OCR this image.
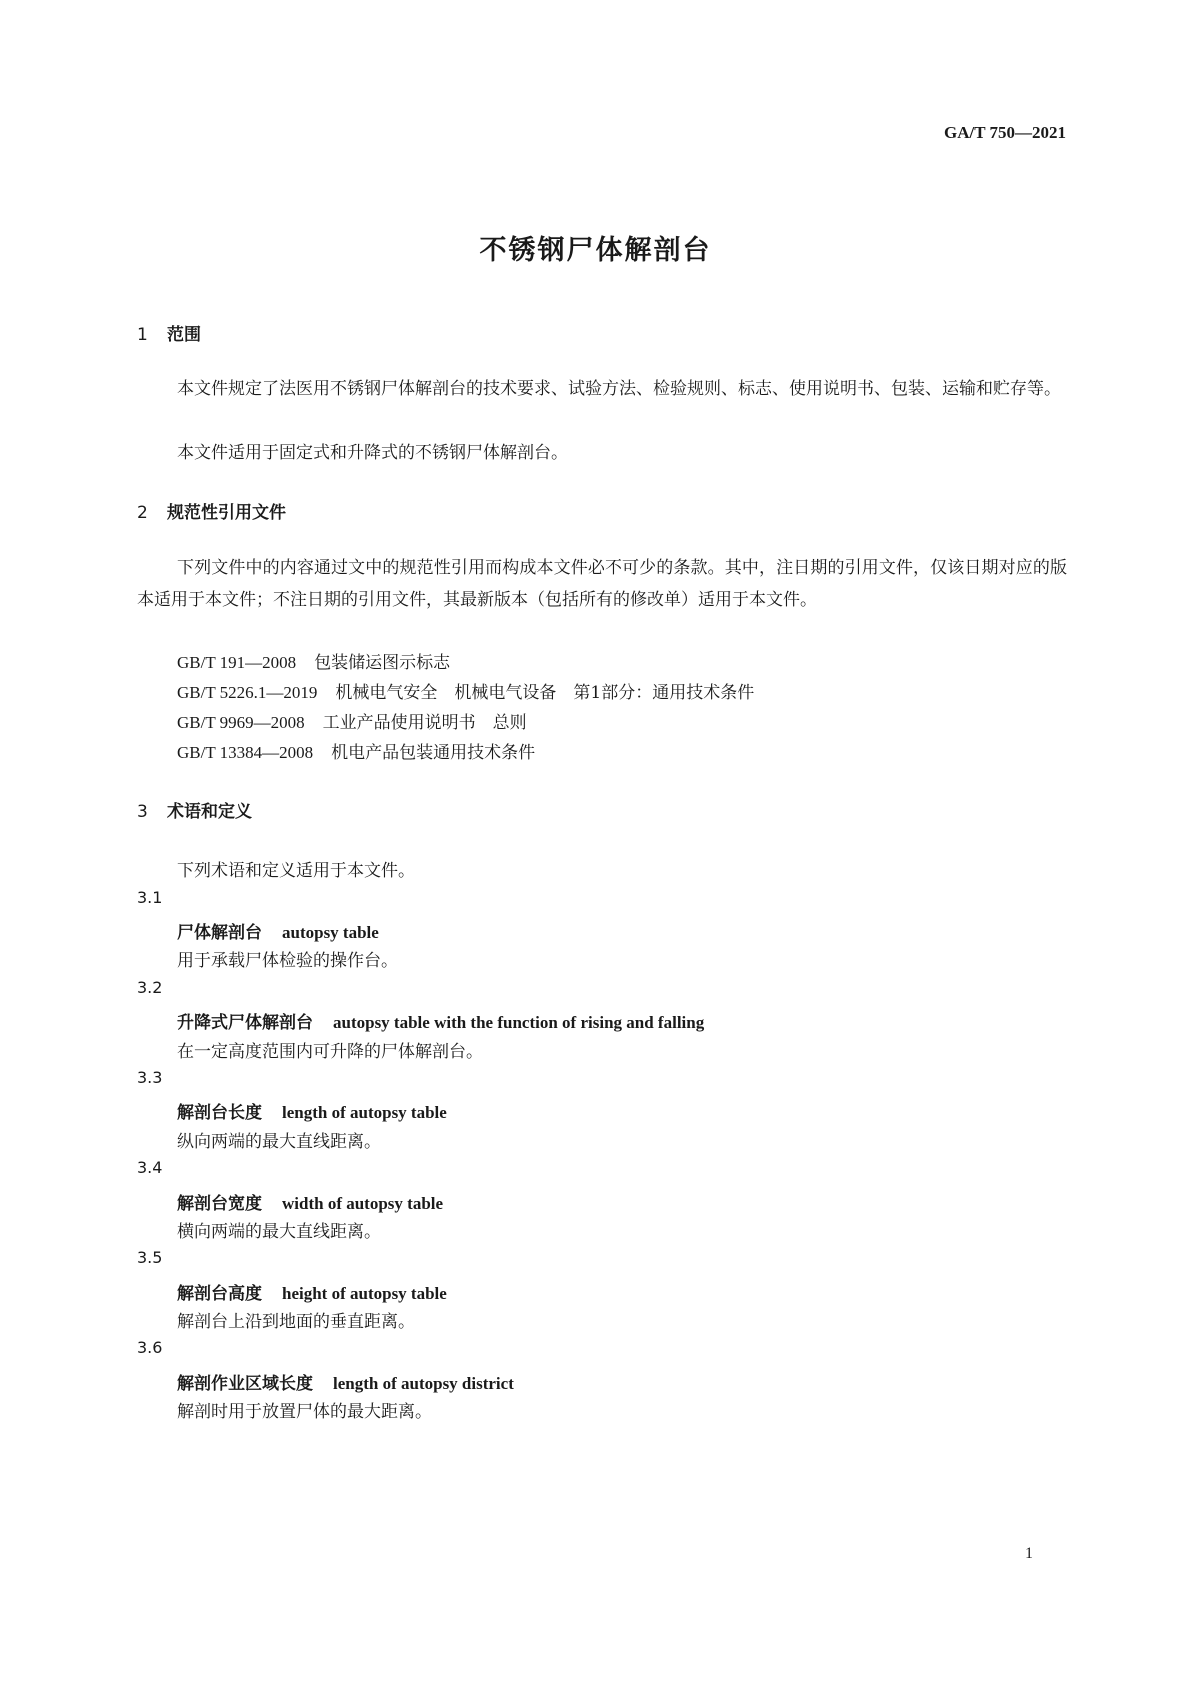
GA/T 750—2021
不锈钢尸体解剖台
1 范围
本文件规定了法医用不锈钢尸体解剖台的技术要求、试验方法、检验规则、标志、使用说明书、包装、运输和贮存等。
本文件适用于固定式和升降式的不锈钢尸体解剖台。
2 规范性引用文件
下列文件中的内容通过文中的规范性引用而构成本文件必不可少的条款。其中，注日期的引用文件，仅该日期对应的版本适用于本文件；不注日期的引用文件，其最新版本（包括所有的修改单）适用于本文件。
GB/T 191—2008 包装储运图示标志
GB/T 5226.1—2019 机械电气安全　机械电气设备　第1部分：通用技术条件
GB/T 9969—2008 工业产品使用说明书　总则
GB/T 13384—2008 机电产品包装通用技术条件
3 术语和定义
下列术语和定义适用于本文件。
3.1
尸体解剖台 autopsy table
用于承载尸体检验的操作台。
3.2
升降式尸体解剖台 autopsy table with the function of rising and falling
在一定高度范围内可升降的尸体解剖台。
3.3
解剖台长度 length of autopsy table
纵向两端的最大直线距离。
3.4
解剖台宽度 width of autopsy table
横向两端的最大直线距离。
3.5
解剖台高度 height of autopsy table
解剖台上沿到地面的垂直距离。
3.6
解剖作业区域长度 length of autopsy district
解剖时用于放置尸体的最大距离。
1
